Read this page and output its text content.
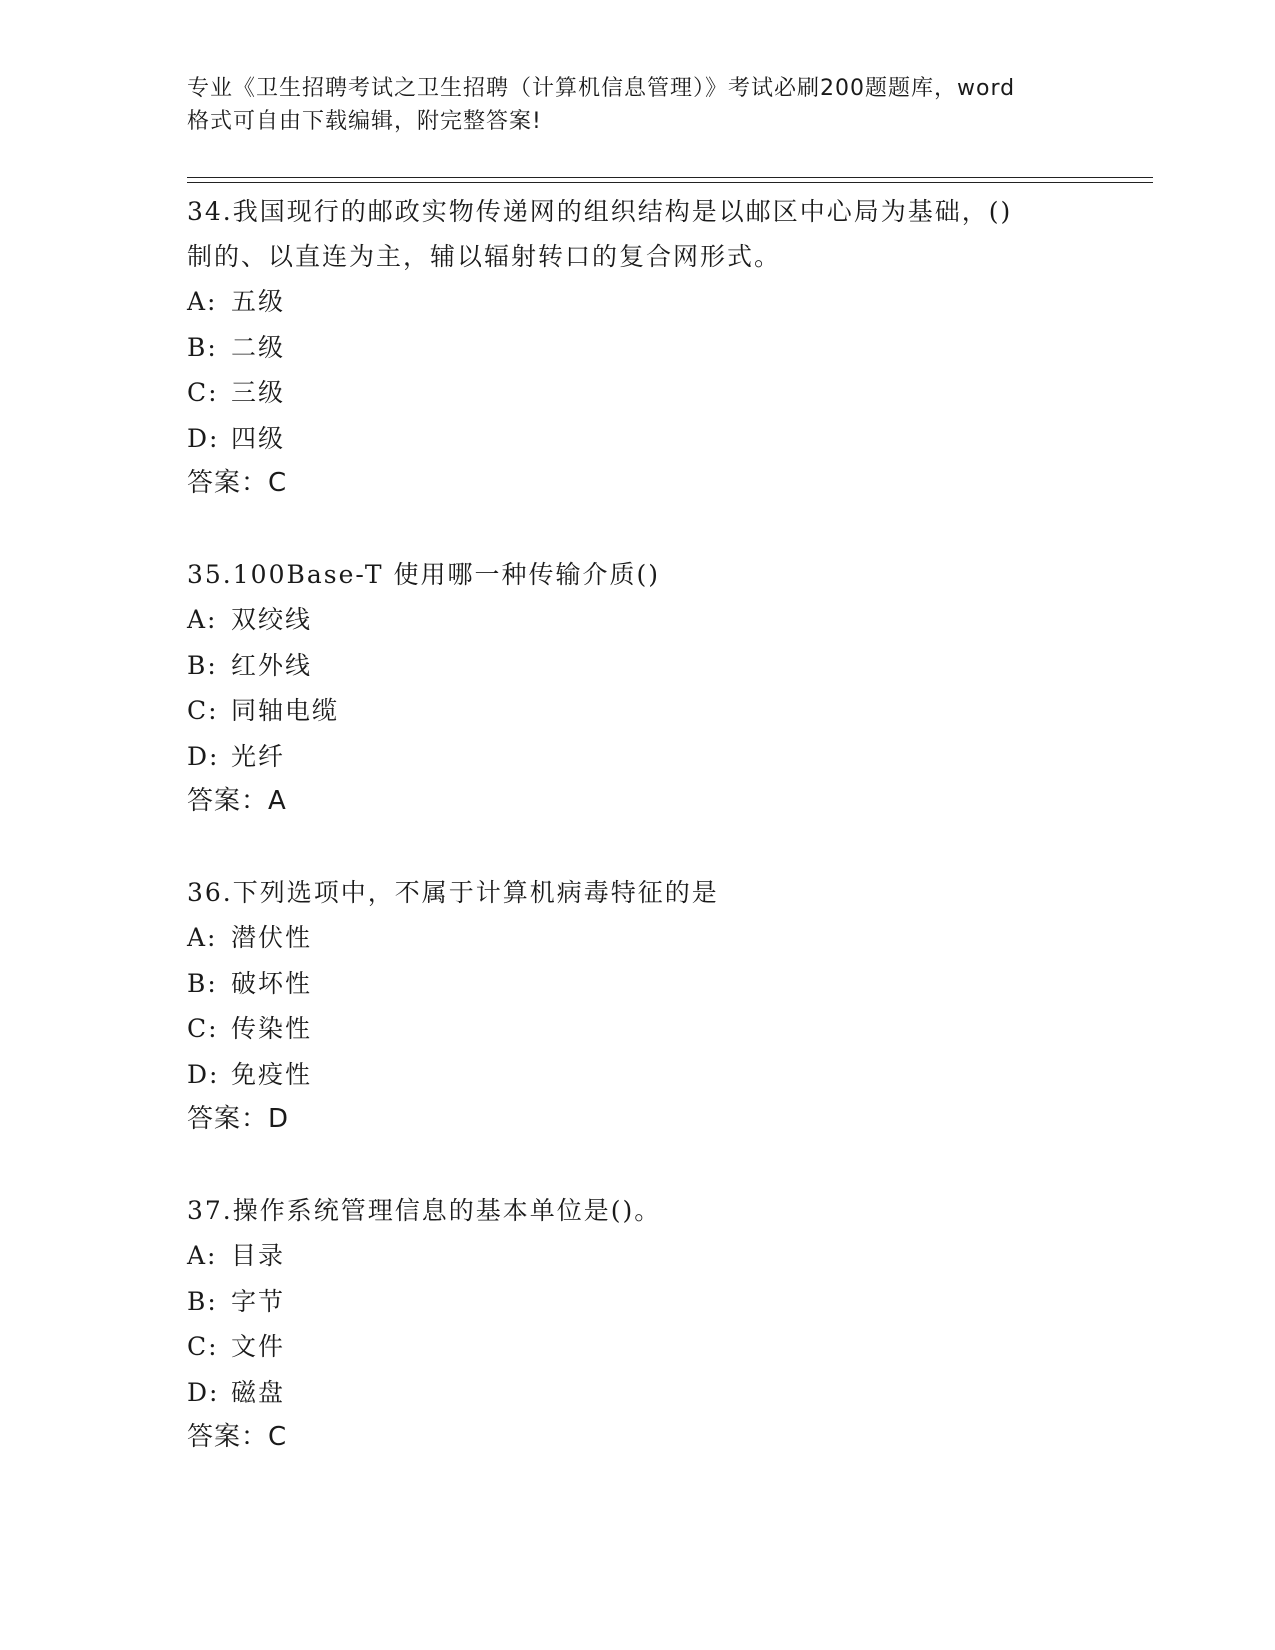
专业《卫生招聘考试之卫生招聘（计算机信息管理）》考试必刷200题题库，word
格式可自由下载编辑，附完整答案!
34.我国现行的邮政实物传递网的组织结构是以邮区中心局为基础，()
制的、以直连为主，辅以辐射转口的复合网形式。
A: 五级
B: 二级
C: 三级
D: 四级
答案：C
35.100Base-T 使用哪一种传输介质()
A: 双绞线
B: 红外线
C: 同轴电缆
D: 光纤
答案：A
36.下列选项中，不属于计算机病毒特征的是
A: 潜伏性
B: 破坏性
C: 传染性
D: 免疫性
答案：D
37.操作系统管理信息的基本单位是()。
A: 目录
B: 字节
C: 文件
D: 磁盘
答案：C
